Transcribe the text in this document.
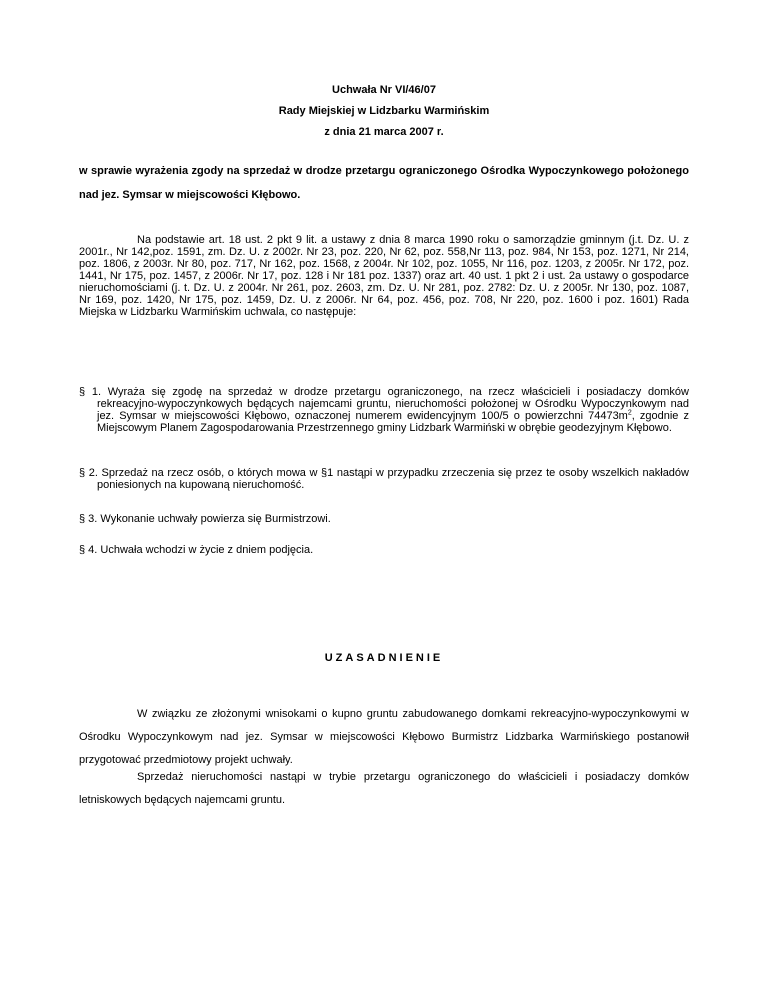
Uchwała Nr VI/46/07
Rady Miejskiej w Lidzbarku Warmińskim
z dnia 21 marca 2007 r.
w sprawie wyrażenia zgody na sprzedaż w drodze przetargu ograniczonego Ośrodka Wypoczynkowego położonego nad jez. Symsar w miejscowości Kłębowo.

Na podstawie art. 18 ust. 2 pkt 9 lit. a ustawy z dnia 8 marca 1990 roku o samorządzie gminnym (j.t. Dz. U. z 2001r., Nr 142,poz. 1591, zm. Dz. U. z 2002r. Nr 23, poz. 220, Nr 62, poz. 558,Nr 113, poz. 984, Nr 153, poz. 1271, Nr 214, poz. 1806, z 2003r. Nr 80, poz. 717, Nr 162, poz. 1568, z 2004r. Nr 102, poz. 1055, Nr 116, poz. 1203, z 2005r. Nr 172, poz. 1441, Nr 175, poz. 1457, z 2006r. Nr 17, poz. 128 i Nr 181 poz. 1337) oraz art. 40 ust. 1 pkt 2 i ust. 2a ustawy o gospodarce nieruchomościami (j. t. Dz. U. z 2004r. Nr 261, poz. 2603, zm. Dz. U. Nr 281, poz. 2782: Dz. U. z 2005r. Nr 130, poz. 1087, Nr 169, poz. 1420, Nr 175, poz. 1459, Dz. U. z 2006r. Nr 64, poz. 456, poz. 708, Nr 220, poz. 1600 i poz. 1601) Rada Miejska w Lidzbarku Warmińskim uchwala, co następuje:

§ 1. Wyraża się zgodę na sprzedaż w drodze przetargu ograniczonego, na rzecz właścicieli i posiadaczy domków rekreacyjno-wypoczynkowych będących najemcami gruntu, nieruchomości położonej w Ośrodku Wypoczynkowym nad jez. Symsar w miejscowości Kłębowo, oznaczonej numerem ewidencyjnym 100/5 o powierzchni $74473m^2$, zgodnie z Miejscowym Planem Zagospodarowania Przestrzennego gminy Lidzbark Warmiński w obrębie geodezyjnym Kłębowo.
§ 2. Sprzedaż na rzecz osób, o których mowa w §1 nastąpi w przypadku zrzeczenia się przez te osoby wszelkich nakładów poniesionych na kupowaną nieruchomość.
§ 3. Wykonanie uchwały powierza się Burmistrzowi.
§ 4. Uchwała wchodzi w życie z dniem podjęcia.
UZASADNIENIE

W związku ze złożonymi wnisokami o kupno gruntu zabudowanego domkami rekreacyjno-wypoczynkowymi w Ośrodku Wypoczynkowym nad jez. Symsar w miejscowości Kłębowo Burmistrz Lidzbarka Warmińskiego postanowił przygotować przedmiotowy projekt uchwały.

Sprzedaż nieruchomości nastąpi w trybie przetargu ograniczonego do właścicieli i posiadaczy domków letniskowych będących najemcami gruntu.
